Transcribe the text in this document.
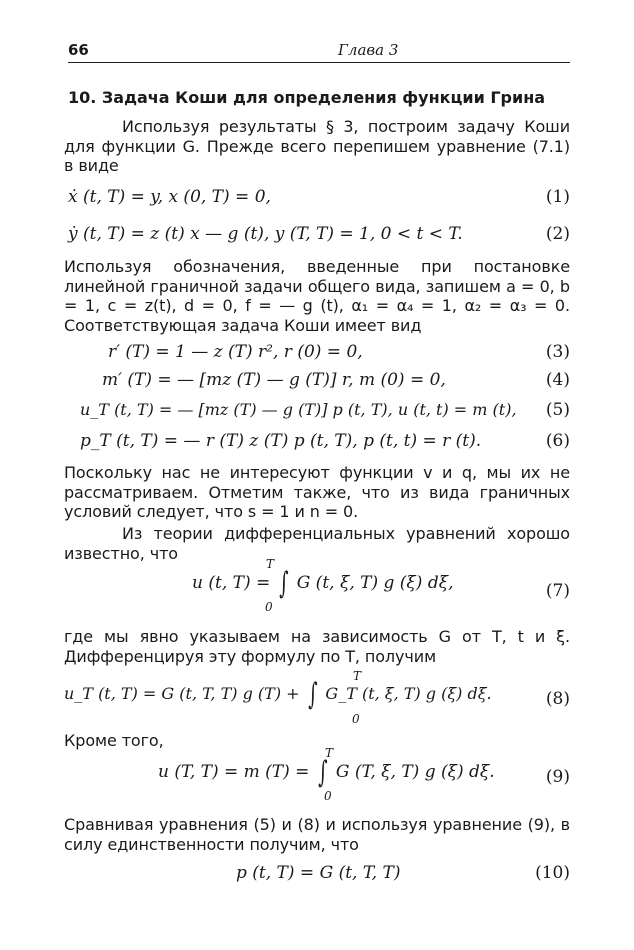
66	Глава 3
10. Задача Коши для определения функции Грина
Используя результаты § 3, построим задачу Коши для функции G. Прежде всего перепишем уравнение (7.1) в виде
ẋ (t, T) = y, x (0, T) = 0,	(1)
ẏ (t, T) = z (t) x — g (t), y (T, T) = 1, 0 < t < T.	(2)
Используя обозначения, введенные при постановке линейной граничной задачи общего вида, запишем a = 0, b = 1, c = z(t), d = 0, f = — g (t), α₁ = α₄ = 1, α₂ = α₃ = 0. Соответствующая задача Коши имеет вид
r′ (T) = 1 — z (T) r², r (0) = 0,	(3)
m′ (T) = — [mz (T) — g (T)] r, m (0) = 0,	(4)
u_T (t, T) = — [mz (T) — g (T)] p (t, T), u (t, t) = m (t),	(5)
p_T (t, T) = — r (T) z (T) p (t, T), p (t, t) = r (t).	(6)
Поскольку нас не интересуют функции v и q, мы их не рассматриваем. Отметим также, что из вида граничных условий следует, что s = 1 и n = 0.
Из теории дифференциальных уравнений хорошо известно, что
u (t, T) = ∫ G (t, ξ, T) g (ξ) dξ,
T
0
(7)
где мы явно указываем на зависимость G от T, t и ξ. Дифференцируя эту формулу по T, получим
u_T (t, T) = G (t, T, T) g (T) + ∫ G_T (t, ξ, T) g (ξ) dξ.
T
0
(8)
Кроме того,
u (T, T) = m (T) = ∫ G (T, ξ, T) g (ξ) dξ.
T
0
(9)
Сравнивая уравнения (5) и (8) и используя уравнение (9), в силу единственности получим, что
p (t, T) = G (t, T, T)	(10)
